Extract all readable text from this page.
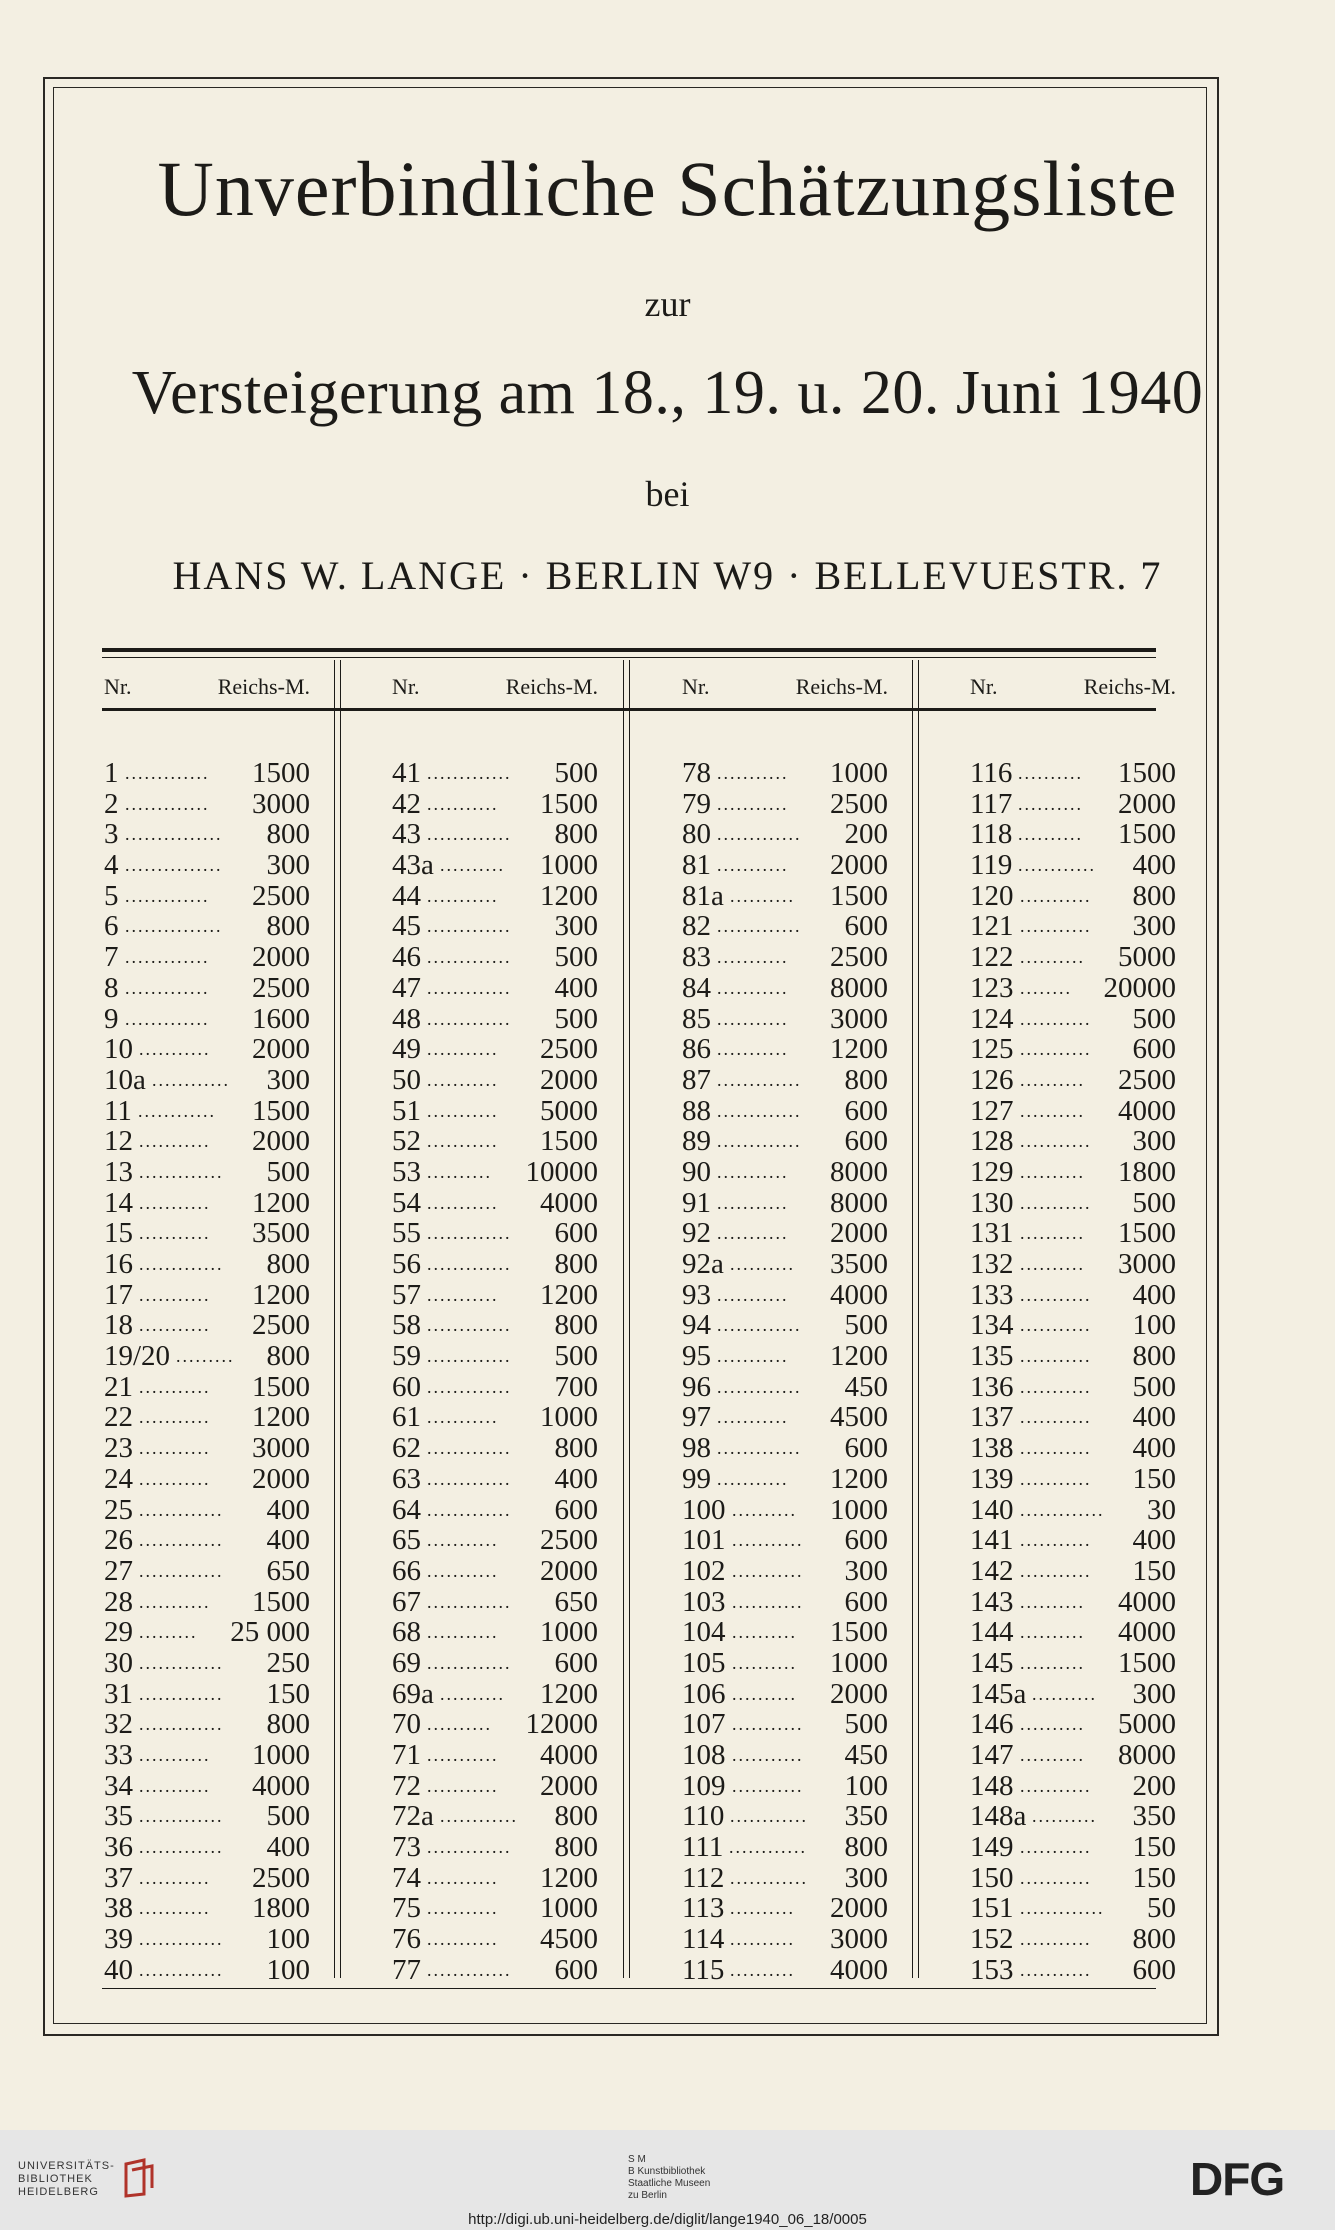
Unverbindliche Schätzungsliste
zur
Versteigerung am 18., 19. u. 20. Juni 1940
bei
HANS W. LANGE · BERLIN W9 · BELLEVUESTR. 7
Nr.	Reichs-M.
1	1500
.............
2	3000
.............
3	800
...............
4	300
...............
5	2500
.............
6	800
...............
7	2000
.............
8	2500
.............
9	1600
.............
10	2000
...........
10a	300
............
11	1500
............
12	2000
...........
13	500
.............
14	1200
...........
15	3500
...........
16	800
.............
17	1200
...........
18	2500
...........
19/20	800
.........
21	1500
...........
22	1200
...........
23	3000
...........
24	2000
...........
25	400
.............
26	400
.............
27	650
.............
28	1500
...........
29	25 000
.........
30	250
.............
31	150
.............
32	800
.............
33	1000
...........
34	4000
...........
35	500
.............
36	400
.............
37	2500
...........
38	1800
...........
39	100
.............
40	100
.............
Nr.	Reichs-M.
41	500
.............
42	1500
...........
43	800
.............
43a	1000
..........
44	1200
...........
45	300
.............
46	500
.............
47	400
.............
48	500
.............
49	2500
...........
50	2000
...........
51	5000
...........
52	1500
...........
53	10000
..........
54	4000
...........
55	600
.............
56	800
.............
57	1200
...........
58	800
.............
59	500
.............
60	700
.............
61	1000
...........
62	800
.............
63	400
.............
64	600
.............
65	2500
...........
66	2000
...........
67	650
.............
68	1000
...........
69	600
.............
69a	1200
..........
70	12000
..........
71	4000
...........
72	2000
...........
72a	800
............
73	800
.............
74	1200
...........
75	1000
...........
76	4500
...........
77	600
.............
Nr.	Reichs-M.
78	1000
...........
79	2500
...........
80	200
.............
81	2000
...........
81a	1500
..........
82	600
.............
83	2500
...........
84	8000
...........
85	3000
...........
86	1200
...........
87	800
.............
88	600
.............
89	600
.............
90	8000
...........
91	8000
...........
92	2000
...........
92a	3500
..........
93	4000
...........
94	500
.............
95	1200
...........
96	450
.............
97	4500
...........
98	600
.............
99	1200
...........
100	1000
..........
101	600
...........
102	300
...........
103	600
...........
104	1500
..........
105	1000
..........
106	2000
..........
107	500
...........
108	450
...........
109	100
...........
110	350
............
111	800
............
112	300
............
113	2000
..........
114	3000
..........
115	4000
..........
Nr.	Reichs-M.
116	1500
..........
117	2000
..........
118	1500
..........
119	400
............
120	800
...........
121	300
...........
122	5000
..........
123	20000
........
124	500
...........
125	600
...........
126	2500
..........
127	4000
..........
128	300
...........
129	1800
..........
130	500
...........
131	1500
..........
132	3000
..........
133	400
...........
134	100
...........
135	800
...........
136	500
...........
137	400
...........
138	400
...........
139	150
...........
140	30
.............
141	400
...........
142	150
...........
143	4000
..........
144	4000
..........
145	1500
..........
145a	300
..........
146	5000
..........
147	8000
..........
148	200
...........
148a	350
..........
149	150
...........
150	150
...........
151	50
.............
152	800
...........
153	600
...........
UNIVERSITÄTS-
BIBLIOTHEK
HEIDELBERG
S M
B Kunstbibliothek
Staatliche Museen
zu Berlin	DFG
http://digi.ub.uni-heidelberg.de/diglit/lange1940_06_18/0005
